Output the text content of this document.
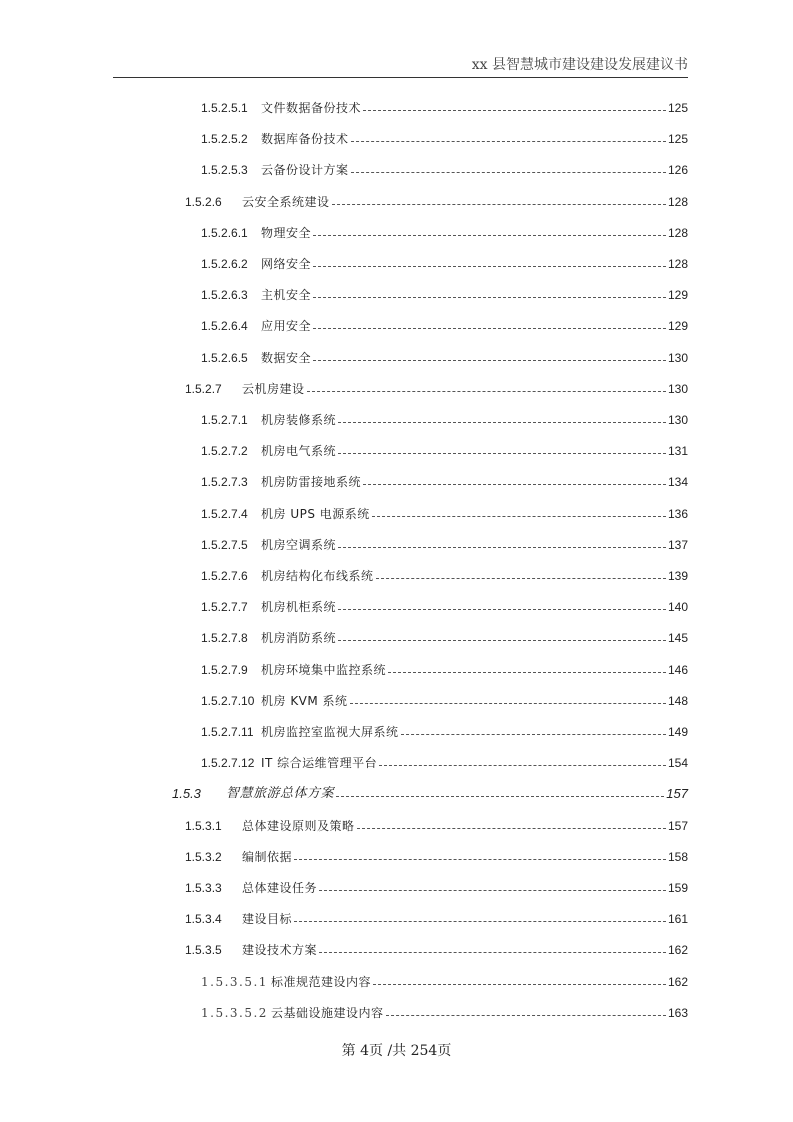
xx 县智慧城市建设建设发展建议书
1.5.2.5.1	文件数据备份技术	125
1.5.2.5.2	数据库备份技术	125
1.5.2.5.3	云备份设计方案	126
1.5.2.6	云安全系统建设	128
1.5.2.6.1	物理安全	128
1.5.2.6.2	网络安全	128
1.5.2.6.3	主机安全	129
1.5.2.6.4	应用安全	129
1.5.2.6.5	数据安全	130
1.5.2.7	云机房建设	130
1.5.2.7.1	机房装修系统	130
1.5.2.7.2	机房电气系统	131
1.5.2.7.3	机房防雷接地系统	134
1.5.2.7.4	机房 UPS 电源系统	136
1.5.2.7.5	机房空调系统	137
1.5.2.7.6	机房结构化布线系统	139
1.5.2.7.7	机房机柜系统	140
1.5.2.7.8	机房消防系统	145
1.5.2.7.9	机房环境集中监控系统	146
1.5.2.7.10 机房 KVM 系统	148
1.5.2.7.11 机房监控室监视大屏系统	149
1.5.2.7.12 IT 综合运维管理平台	154
1.5.3	智慧旅游总体方案	157
1.5.3.1	总体建设原则及策略	157
1.5.3.2	编制依据	158
1.5.3.3	总体建设任务	159
1.5.3.4	建设目标	161
1.5.3.5	建设技术方案	162
1.5.3.5.1 标准规范建设内容	162
1.5.3.5.2 云基础设施建设内容	163
第 4页 /共 254页
